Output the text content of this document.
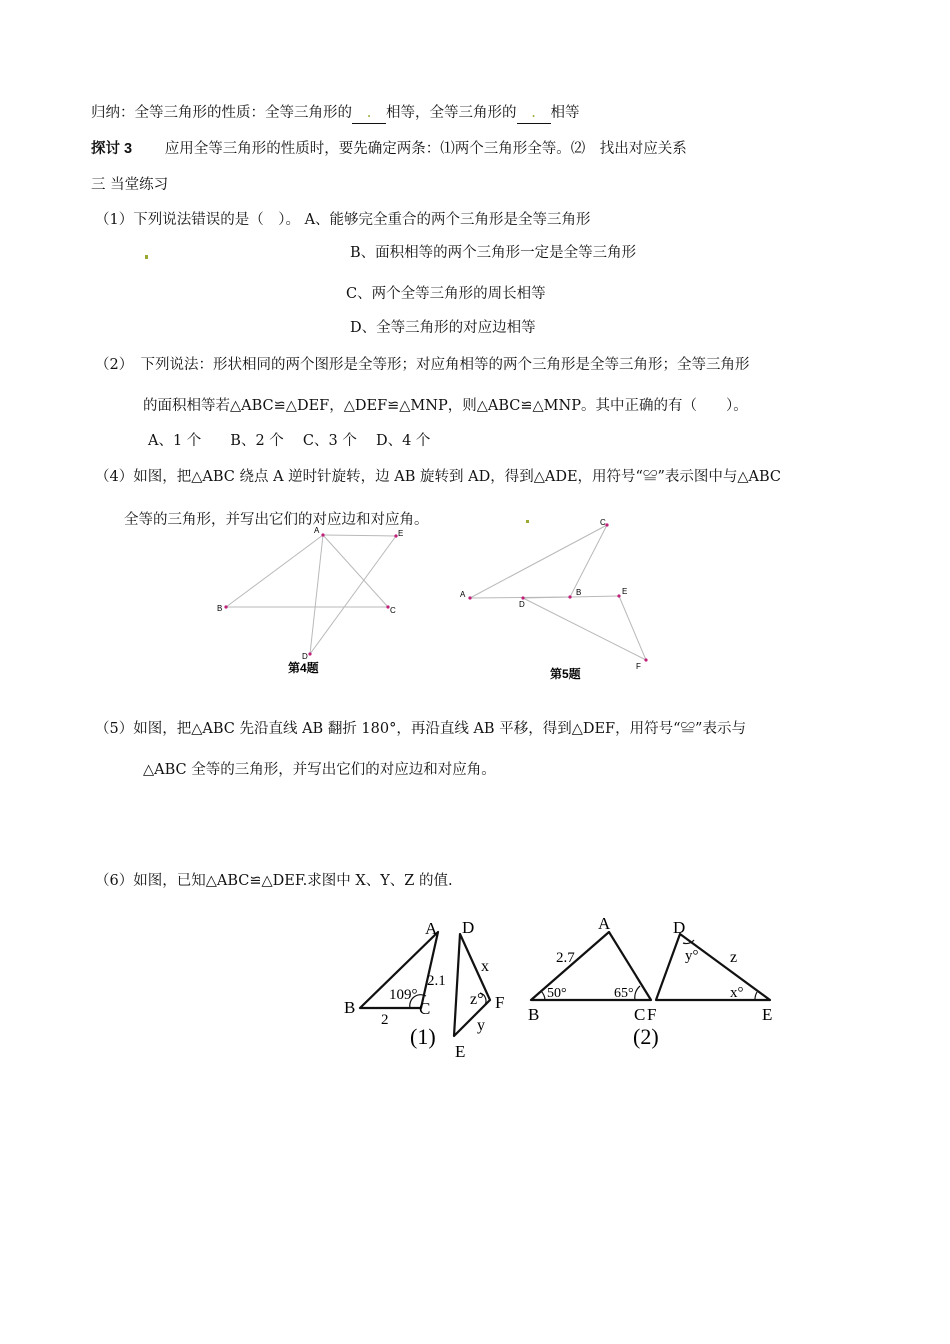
归纳：全等三角形的性质：全等三角形的 . 相等，全等三角形的 . 相等
探讨 3 应用全等三角形的性质时，要先确定两条：⑴两个三角形全等。⑵　找出对应关系
三 当堂练习
（1）下列说法错误的是（　）。 A、能够完全重合的两个三角形是全等三角形
B、面积相等的两个三角形一定是全等三角形
C、两个全等三角形的周长相等
D、全等三角形的对应边相等
（2）　下列说法：形状相同的两个图形是全等形；对应角相等的两个三角形是全等三角形；全等三角形
的面积相等若△ABC≌△DEF，△DEF≌△MNP，则△ABC≌△MNP。其中正确的有（　　）。
A、1 个　　B、2 个　 C、3 个　 D、4 个
（4）如图，把△ABC 绕点 A 逆时针旋转，边 AB 旋转到 AD，得到△ADE，用符号“≌”表示图中与△ABC
全等的三角形，并写出它们的对应边和对应角。
A	E
B	C
D
第4题
C
A
D
B	E
F
第5题
（5）如图，把△ABC 先沿直线 AB 翻折 180°，再沿直线 AB 平移，得到△DEF，用符号“≌”表示与
△ABC 全等的三角形，并写出它们的对应边和对应角。
（6）如图，已知△ABC≌△DEF.求图中 X、Y、Z 的值.
A
B	C
D
E
F
2.1
2
109°
x
z°
y
(1)
A
B	C
D
E
F
2.7
50°	65°
y° z
x°
(2)
